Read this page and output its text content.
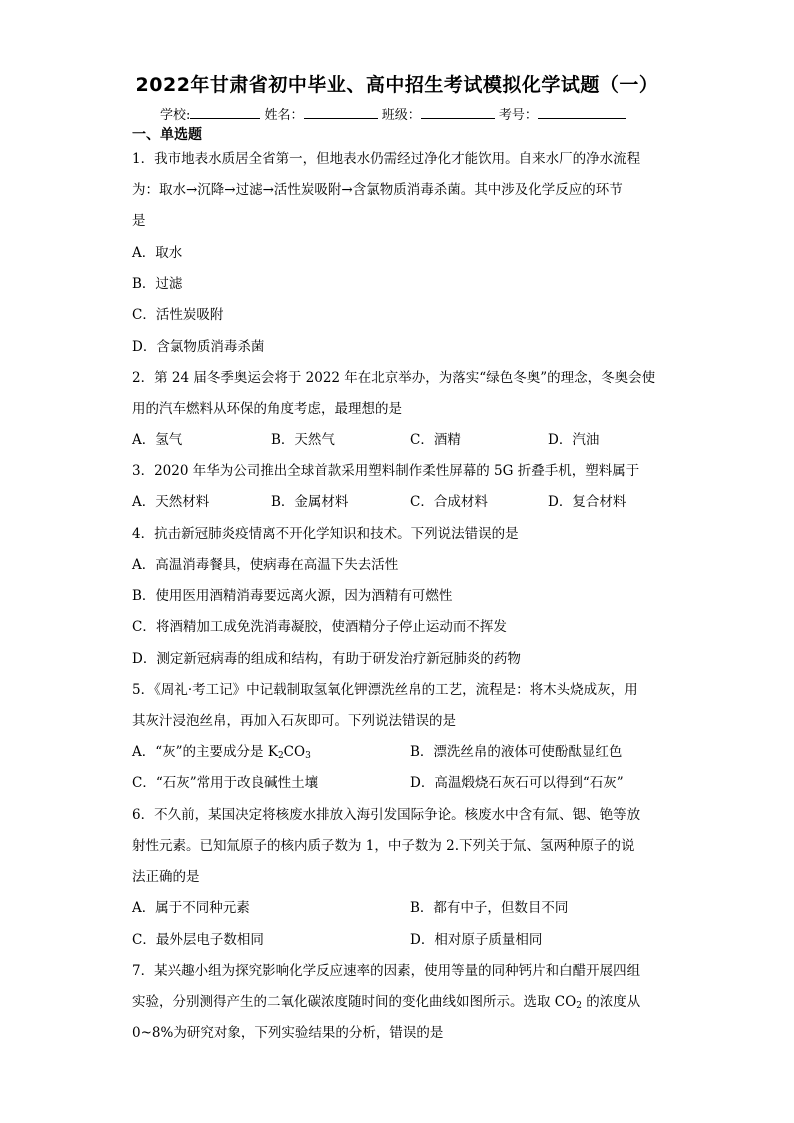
2022年甘肃省初中毕业、高中招生考试模拟化学试题（一）
学校:	姓名：	班级：	考号：
一、单选题
1．我市地表水质居全省第一，但地表水仍需经过净化才能饮用。自来水厂的净水流程
为：取水→沉降→过滤→活性炭吸附→含氯物质消毒杀菌。其中涉及化学反应的环节
是
A．取水
B．过滤
C．活性炭吸附
D．含氯物质消毒杀菌
2．第 24 届冬季奥运会将于 2022 年在北京举办，为落实“绿色冬奥”的理念，冬奥会使
用的汽车燃料从环保的角度考虑，最理想的是
A．氢气	B．天然气	C．酒精	D．汽油
3．2020 年华为公司推出全球首款采用塑料制作柔性屏幕的 5G 折叠手机，塑料属于
A．天然材料	B．金属材料	C．合成材料	D．复合材料
4．抗击新冠肺炎疫情离不开化学知识和技术。下列说法错误的是
A．高温消毒餐具，使病毒在高温下失去活性
B．使用医用酒精消毒要远离火源，因为酒精有可燃性
C．将酒精加工成免洗消毒凝胶，使酒精分子停止运动而不挥发
D．测定新冠病毒的组成和结构，有助于研发治疗新冠肺炎的药物
5．《周礼·考工记》中记载制取氢氧化钾漂洗丝帛的工艺，流程是：将木头烧成灰，用
其灰汁浸泡丝帛，再加入石灰即可。下列说法错误的是
A．“灰”的主要成分是 $K_2CO_3$	B．漂洗丝帛的液体可使酚酞显红色
C．“石灰”常用于改良碱性土壤	D．高温煅烧石灰石可以得到“石灰”
6．不久前，某国决定将核废水排放入海引发国际争论。核废水中含有氚、锶、铯等放
射性元素。已知氚原子的核内质子数为 1，中子数为 2.下列关于氚、氢两种原子的说
法正确的是
A．属于不同种元素	B．都有中子，但数目不同
C．最外层电子数相同	D．相对原子质量相同
7．某兴趣小组为探究影响化学反应速率的因素，使用等量的同种钙片和白醋开展四组
实验，分别测得产生的二氧化碳浓度随时间的变化曲线如图所示。选取 $CO_2$ 的浓度从
0~8%为研究对象，下列实验结果的分析，错误的是
